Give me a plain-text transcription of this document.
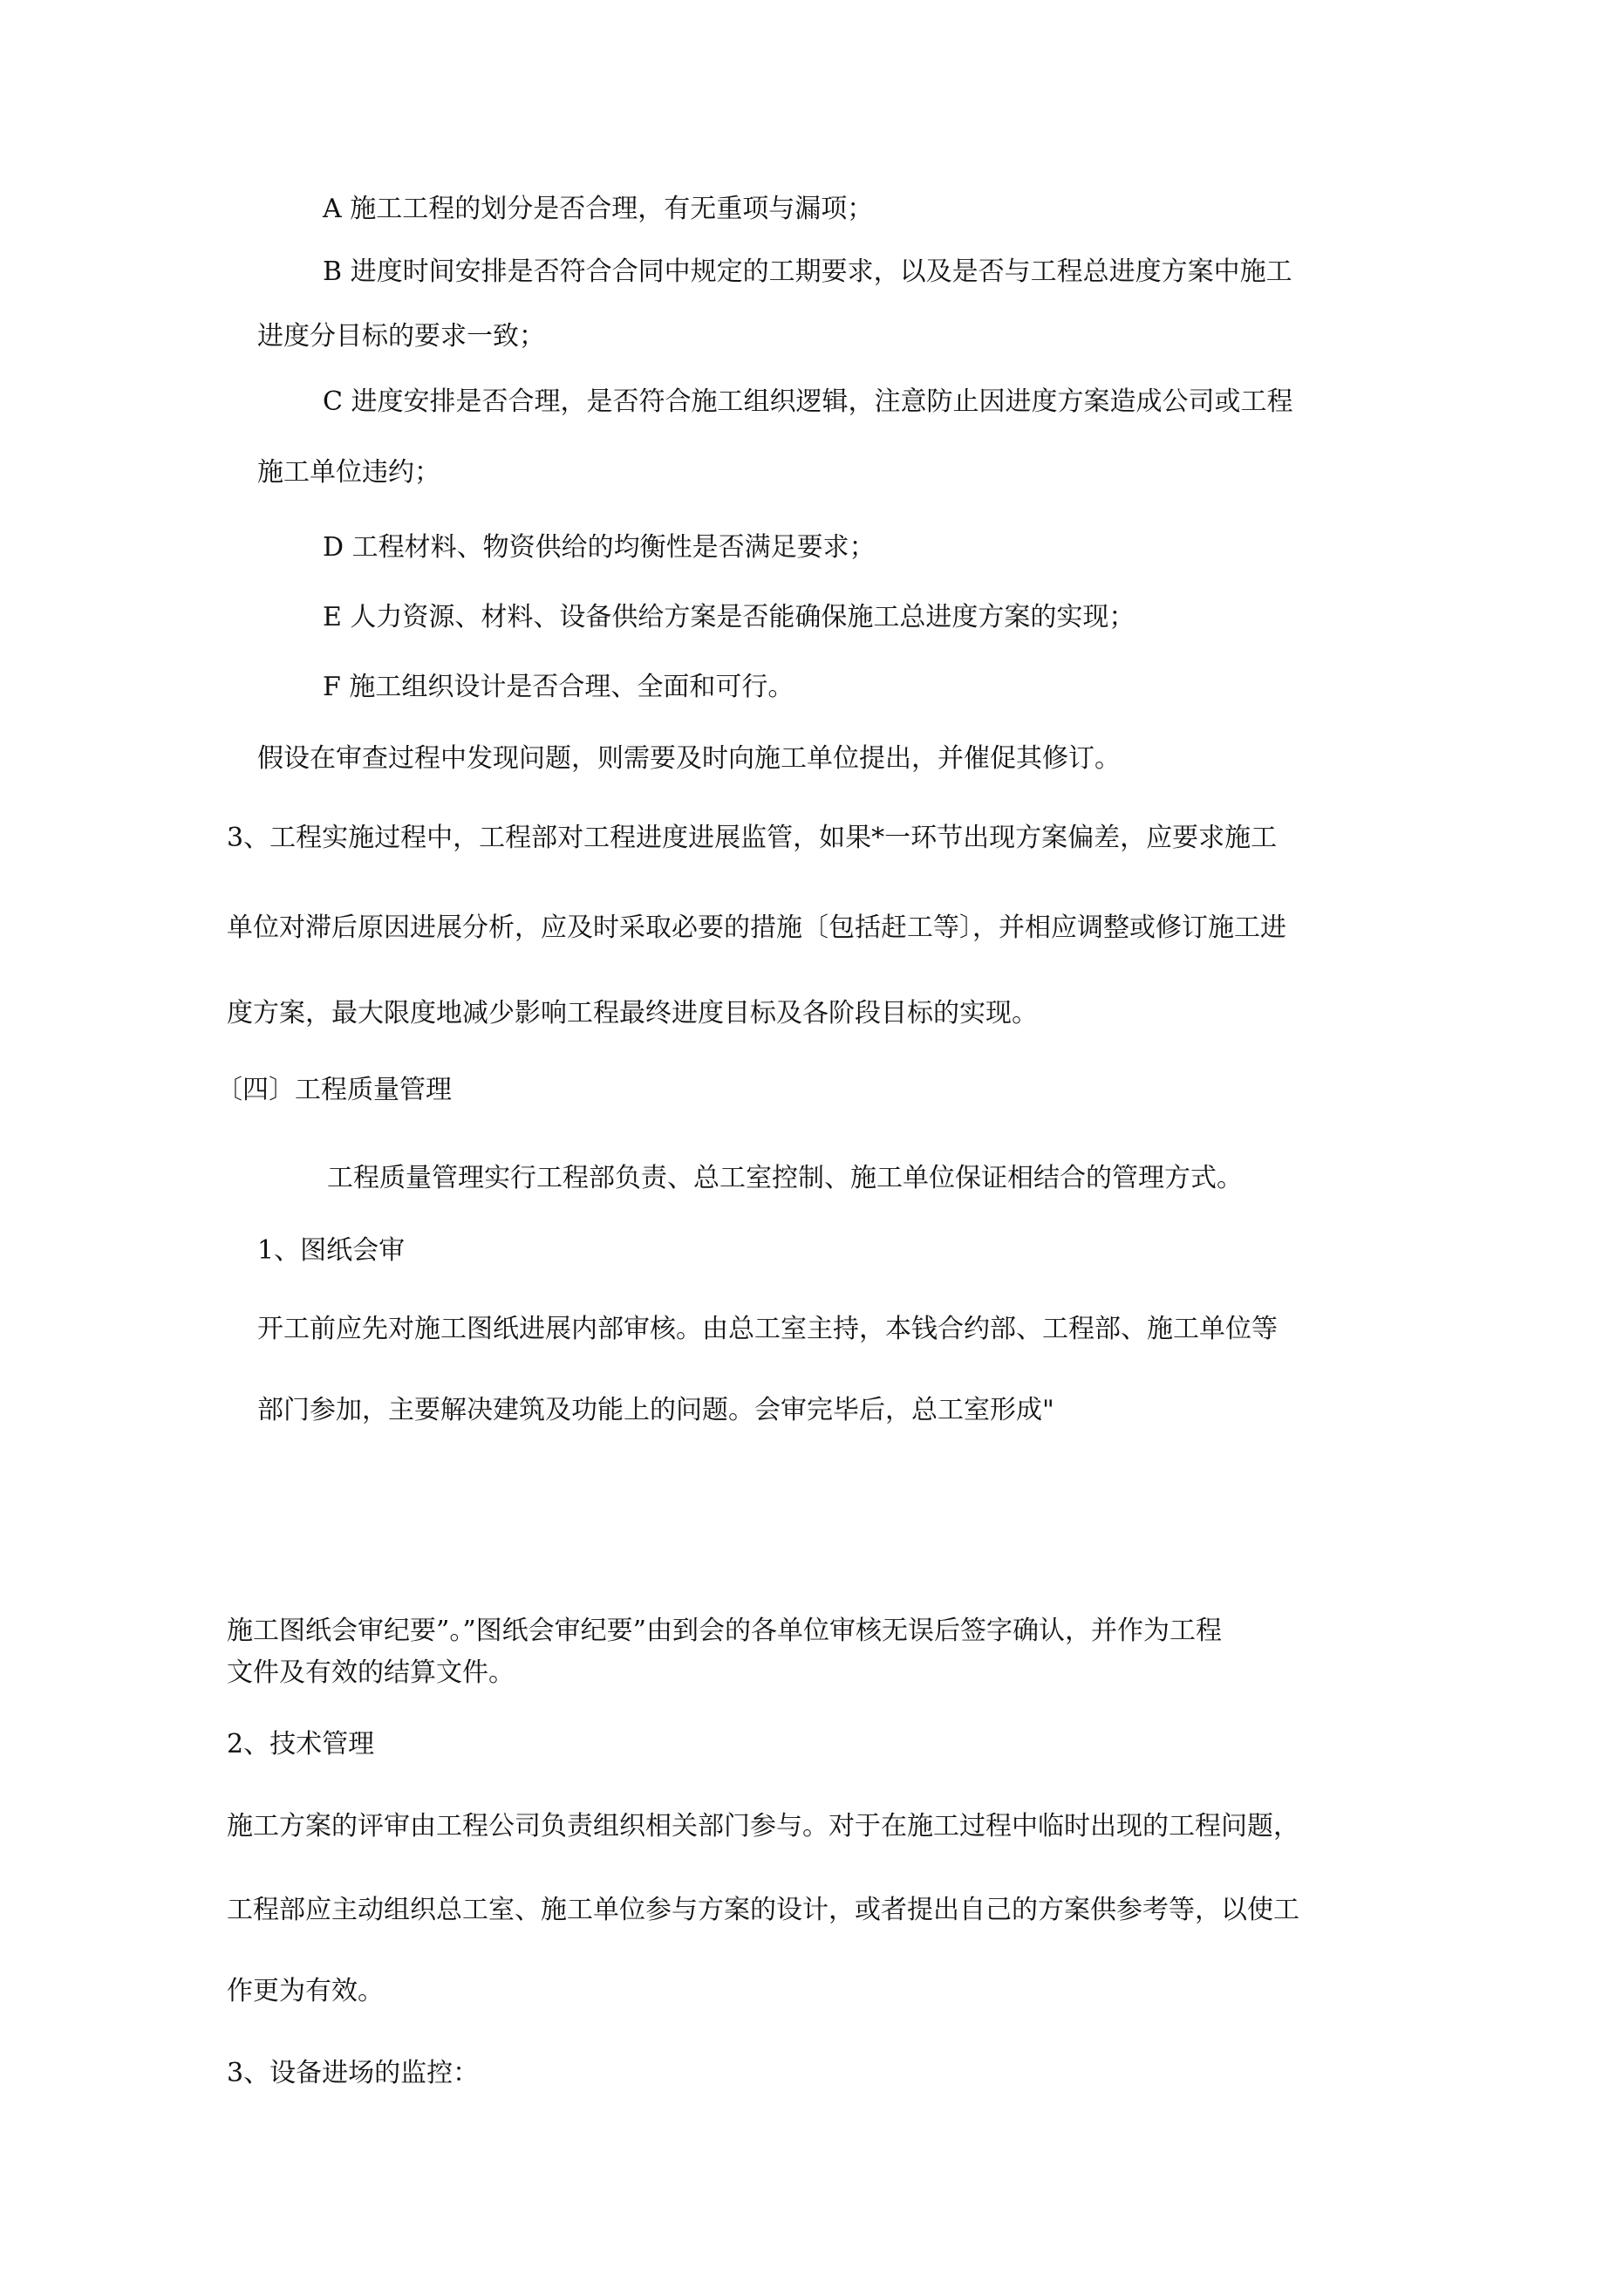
A 施工工程的划分是否合理，有无重项与漏项；

B 进度时间安排是否符合合同中规定的工期要求，以及是否与工程总进度方案中施工

进度分目标的要求一致；

C 进度安排是否合理，是否符合施工组织逻辑，注意防止因进度方案造成公司或工程

施工单位违约；

D 工程材料、物资供给的均衡性是否满足要求；

E 人力资源、材料、设备供给方案是否能确保施工总进度方案的实现；

F 施工组织设计是否合理、全面和可行。

假设在审查过程中发现问题，则需要及时向施工单位提出，并催促其修订。

3、工程实施过程中，工程部对工程进度进展监管，如果*一环节出现方案偏差，应要求施工

单位对滞后原因进展分析，应及时采取必要的措施〔包括赶工等〕，并相应调整或修订施工进

度方案，最大限度地减少影响工程最终进度目标及各阶段目标的实现。

〔四〕工程质量管理

工程质量管理实行工程部负责、总工室控制、施工单位保证相结合的管理方式。

1、图纸会审

开工前应先对施工图纸进展内部审核。由总工室主持，本钱合约部、工程部、施工单位等

部门参加，主要解决建筑及功能上的问题。会审完毕后，总工室形成"

施工图纸会审纪要”。”图纸会审纪要”由到会的各单位审核无误后签字确认，并作为工程

文件及有效的结算文件。

2、技术管理

施工方案的评审由工程公司负责组织相关部门参与。对于在施工过程中临时出现的工程问题，

工程部应主动组织总工室、施工单位参与方案的设计，或者提出自己的方案供参考等，以使工

作更为有效。

3、设备进场的监控：
